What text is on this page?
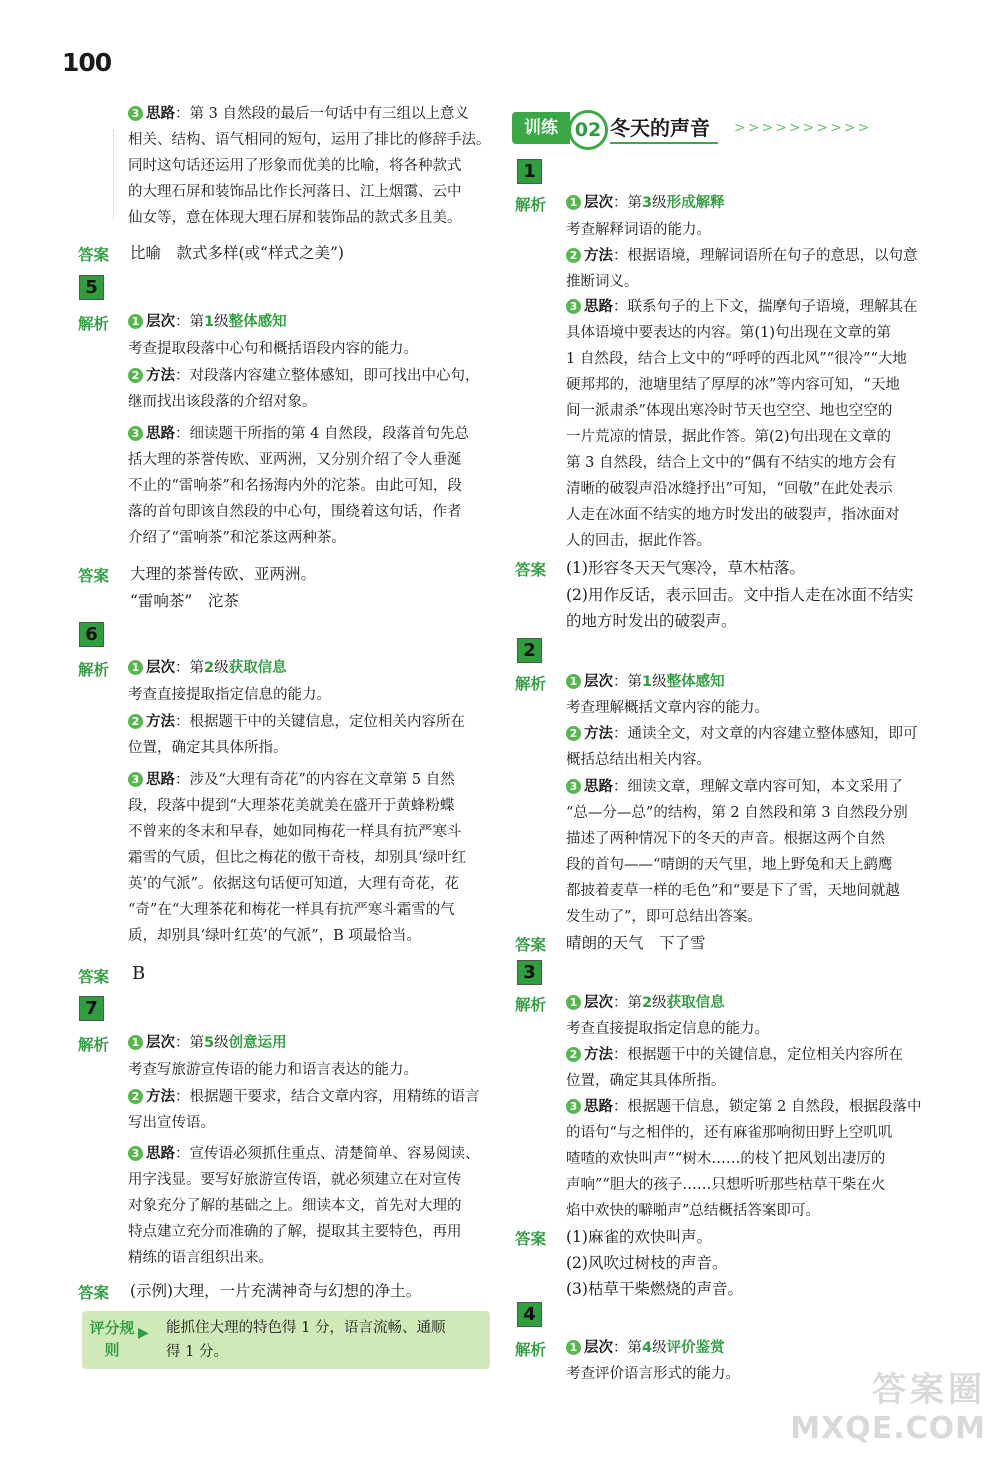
100
3 思路：第 3 自然段的最后一句话中有三组以上意义
相关、结构、语气相同的短句，运用了排比的修辞手法。
同时这句话还运用了形象而优美的比喻，将各种款式
的大理石屏和装饰品比作长河落日、江上烟霭、云中
仙女等，意在体现大理石屏和装饰品的款式多且美。
答案 比喻　款式多样(或“样式之美”)
5
解析	1 层次：第1级整体感知
考查提取段落中心句和概括语段内容的能力。
2 方法：对段落内容建立整体感知，即可找出中心句，
继而找出该段落的介绍对象。
3 思路：细读题干所指的第 4 自然段，段落首句先总
括大理的茶誉传欧、亚两洲，又分别介绍了令人垂涎
不止的“雷响茶”和名扬海内外的沱茶。由此可知，段
落的首句即该自然段的中心句，围绕着这句话，作者
介绍了“雷响茶”和沱茶这两种茶。
答案 大理的茶誉传欧、亚两洲。
“雷响茶”　沱茶
6
解析	1 层次：第2级获取信息
考查直接提取指定信息的能力。
2 方法：根据题干中的关键信息，定位相关内容所在
位置，确定其具体所指。
3 思路：涉及“大理有奇花”的内容在文章第 5 自然
段，段落中提到“大理茶花美就美在盛开于黄蜂粉蝶
不曾来的冬末和早春，她如同梅花一样具有抗严寒斗
霜雪的气质，但比之梅花的傲干奇枝，却别具‘绿叶红
英’的气派”。依据这句话便可知道，大理有奇花，花
“奇”在“大理茶花和梅花一样具有抗严寒斗霜雪的气
质，却别具‘绿叶红英’的气派”，B 项最恰当。
答案 B
7
解析	1 层次：第5级创意运用
考查写旅游宣传语的能力和语言表达的能力。
2 方法：根据题干要求，结合文章内容，用精练的语言
写出宣传语。
3 思路：宣传语必须抓住重点、清楚简单、容易阅读、
用字浅显。要写好旅游宣传语，就必须建立在对宣传
对象充分了解的基础之上。细读本文，首先对大理的
特点建立充分而准确的了解，提取其主要特色，再用
精练的语言组织出来。
答案 (示例)大理，一片充满神奇与幻想的净土。
评分规则
▶ 能抓住大理的特色得 1 分，语言流畅、通顺
得 1 分。
训练 02 冬天的声音	>>>>>>>>>>
1
解析	1 层次：第3级形成解释
考查解释词语的能力。
2 方法：根据语境，理解词语所在句子的意思，以句意
推断词义。
3 思路：联系句子的上下文，揣摩句子语境，理解其在
具体语境中要表达的内容。第(1)句出现在文章的第
1 自然段，结合上文中的“呼呼的西北风”“很冷”“大地
硬邦邦的，池塘里结了厚厚的冰”等内容可知，“天地
间一派肃杀”体现出寒冷时节天也空空、地也空空的
一片荒凉的情景，据此作答。第(2)句出现在文章的
第 3 自然段，结合上文中的“偶有不结实的地方会有
清晰的破裂声沿冰缝抒出”可知，“回敬”在此处表示
人走在冰面不结实的地方时发出的破裂声，指冰面对
人的回击，据此作答。
答案 (1)形容冬天天气寒冷，草木枯落。
(2)用作反话，表示回击。文中指人走在冰面不结实
的地方时发出的破裂声。
2
解析	1 层次：第1级整体感知
考查理解概括文章内容的能力。
2 方法：通读全文，对文章的内容建立整体感知，即可
概括总结出相关内容。
3 思路：细读文章，理解文章内容可知，本文采用了
“总—分—总”的结构，第 2 自然段和第 3 自然段分别
描述了两种情况下的冬天的声音。根据这两个自然
段的首句——“晴朗的天气里，地上野兔和天上鹞鹰
都披着麦草一样的毛色”和“要是下了雪，天地间就越
发生动了”，即可总结出答案。
答案 晴朗的天气　下了雪
3
解析	1 层次：第2级获取信息
考查直接提取指定信息的能力。
2 方法：根据题干中的关键信息，定位相关内容所在
位置，确定其具体所指。
3 思路：根据题干信息，锁定第 2 自然段，根据段落中
的语句“与之相伴的，还有麻雀那响彻田野上空叽叽
喳喳的欢快叫声”“树木……的枝丫把风划出凄厉的
声响”“胆大的孩子……只想听听那些枯草干柴在火
焰中欢快的噼啪声”总结概括答案即可。
答案 (1)麻雀的欢快叫声。
(2)风吹过树枝的声音。
(3)枯草干柴燃烧的声音。
4
解析	1 层次：第4级评价鉴赏
考查评价语言形式的能力。	答案圈
MXQE.COM
